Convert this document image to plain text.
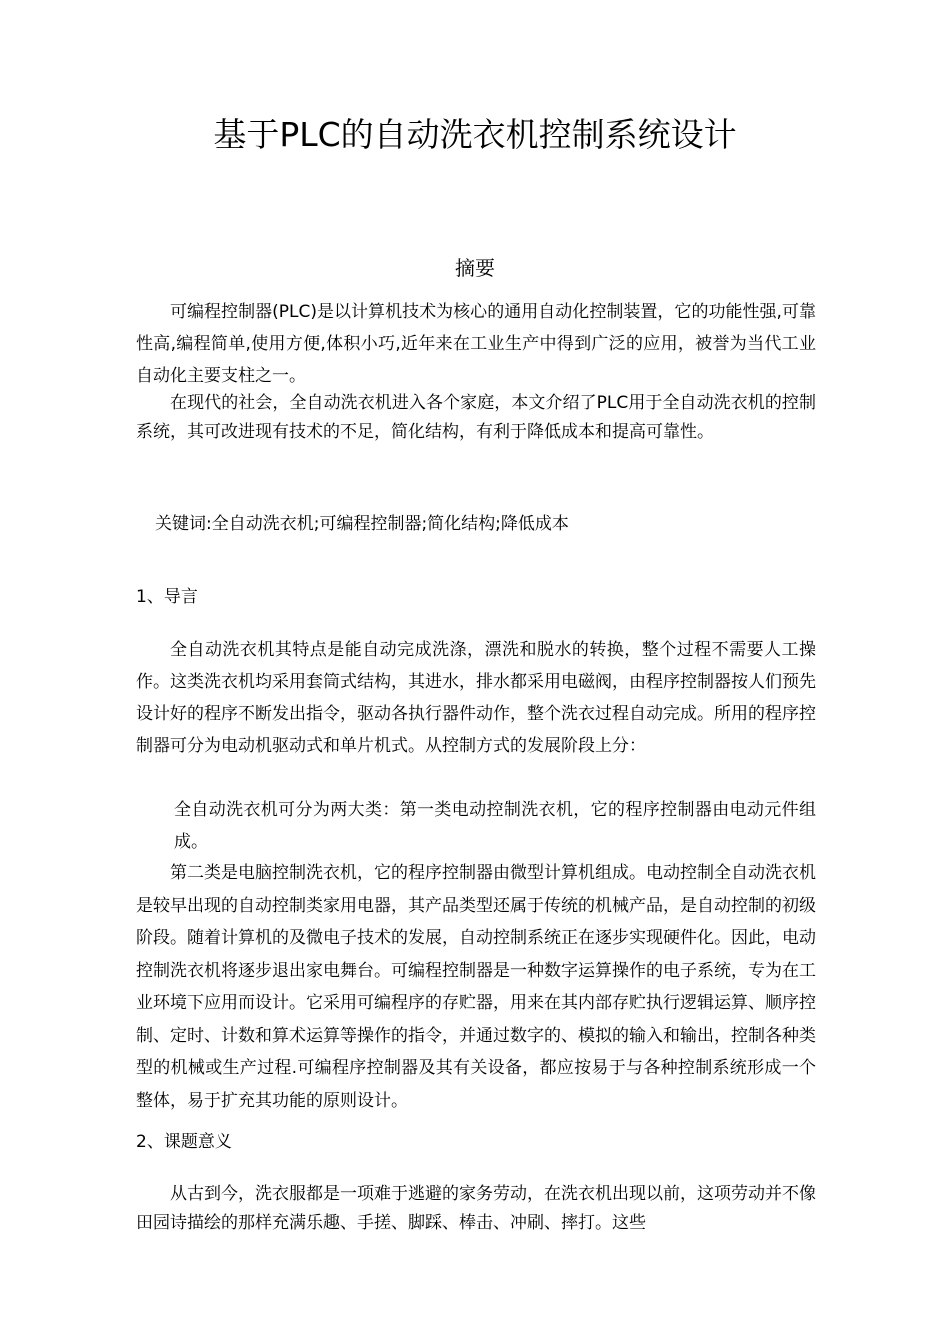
基于PLC的自动洗衣机控制系统设计
摘要

可编程控制器(PLC)是以计算机技术为核心的通用自动化控制装置，它的功能性强,可靠性高,编程简单,使用方便,体积小巧,近年来在工业生产中得到广泛的应用，被誉为当代工业自动化主要支柱之一。

在现代的社会，全自动洗衣机进入各个家庭，本文介绍了PLC用于全自动洗衣机的控制系统，其可改进现有技术的不足，简化结构，有利于降低成本和提高可靠性。

关键词:全自动洗衣机;可编程控制器;简化结构;降低成本

1、导言

全自动洗衣机其特点是能自动完成洗涤，漂洗和脱水的转换，整个过程不需要人工操作。这类洗衣机均采用套筒式结构，其进水，排水都采用电磁阀，由程序控制器按人们预先设计好的程序不断发出指令，驱动各执行器件动作，整个洗衣过程自动完成。所用的程序控制器可分为电动机驱动式和单片机式。从控制方式的发展阶段上分：

全自动洗衣机可分为两大类：第一类电动控制洗衣机，它的程序控制器由电动元件组成。

第二类是电脑控制洗衣机，它的程序控制器由微型计算机组成。电动控制全自动洗衣机是较早出现的自动控制类家用电器，其产品类型还属于传统的机械产品，是自动控制的初级阶段。随着计算机的及微电子技术的发展，自动控制系统正在逐步实现硬件化。因此，电动控制洗衣机将逐步退出家电舞台。可编程控制器是一种数字运算操作的电子系统，专为在工业环境下应用而设计。它采用可编程序的存贮器，用来在其内部存贮执行逻辑运算、顺序控制、定时、计数和算术运算等操作的指令，并通过数字的、模拟的输入和输出，控制各种类型的机械或生产过程.可编程序控制器及其有关设备，都应按易于与各种控制系统形成一个整体，易于扩充其功能的原则设计。

2、课题意义

从古到今，洗衣服都是一项难于逃避的家务劳动，在洗衣机出现以前，这项劳动并不像田园诗描绘的那样充满乐趣、手搓、脚踩、棒击、冲刷、摔打。这些
